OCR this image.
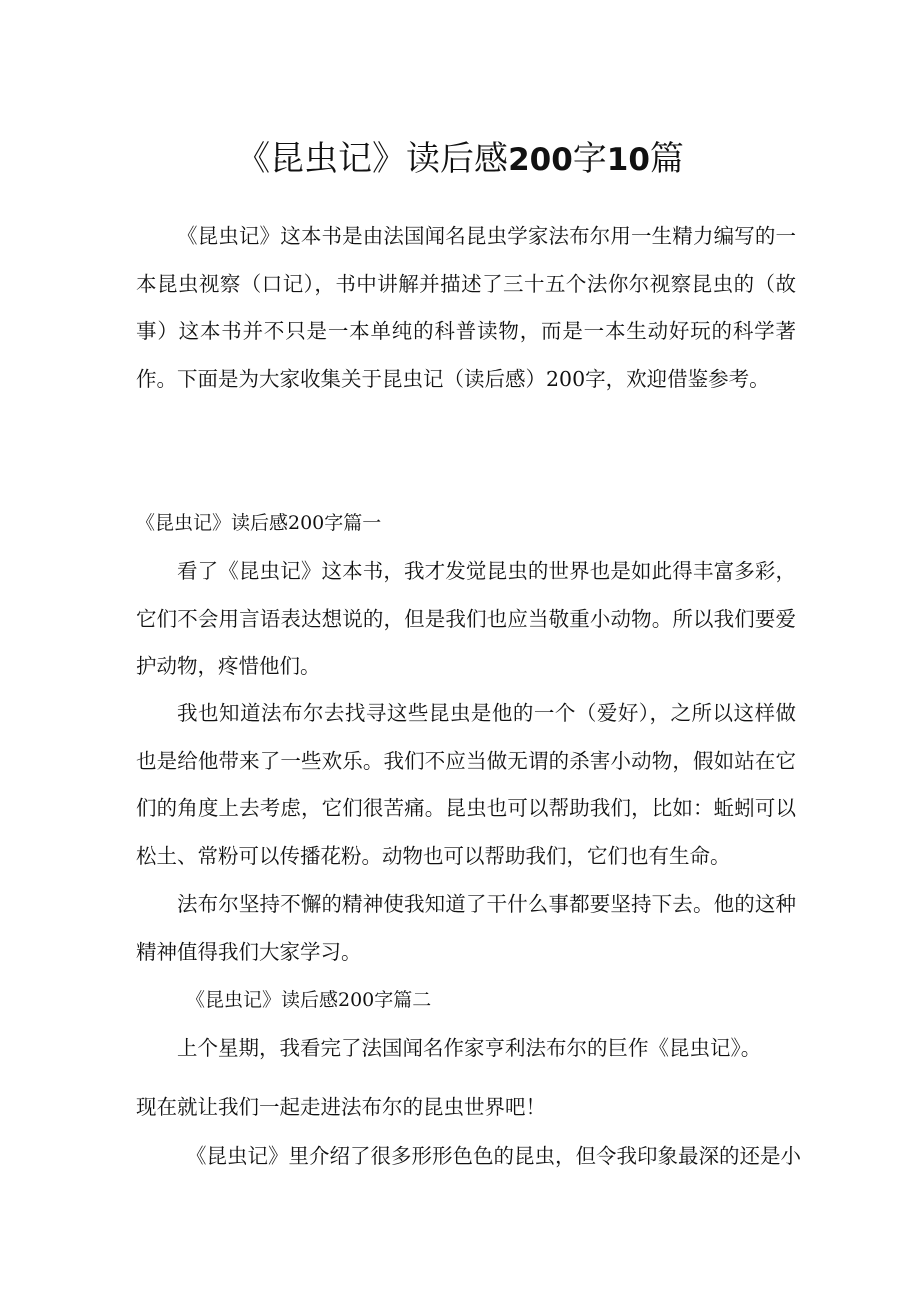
《昆虫记》读后感200字10篇

《昆虫记》这本书是由法国闻名昆虫学家法布尔用一生精力编写的一本昆虫视察（口记），书中讲解并描述了三十五个法你尔视察昆虫的（故事）这本书并不只是一本单纯的科普读物，而是一本生动好玩的科学著作。下面是为大家收集关于昆虫记（读后感）200字，欢迎借鉴参考。

《昆虫记》读后感200字篇一

看了《昆虫记》这本书，我才发觉昆虫的世界也是如此得丰富多彩，它们不会用言语表达想说的，但是我们也应当敬重小动物。所以我们要爱护动物，疼惜他们。

我也知道法布尔去找寻这些昆虫是他的一个（爱好），之所以这样做也是给他带来了一些欢乐。我们不应当做无谓的杀害小动物，假如站在它们的角度上去考虑，它们很苦痛。昆虫也可以帮助我们，比如：蚯蚓可以松土、常粉可以传播花粉。动物也可以帮助我们，它们也有生命。

法布尔坚持不懈的精神使我知道了干什么事都要坚持下去。他的这种精神值得我们大家学习。

《昆虫记》读后感200字篇二

上个星期，我看完了法国闻名作家亨利法布尔的巨作《昆虫记》。

现在就让我们一起走进法布尔的昆虫世界吧！

《昆虫记》里介绍了很多形形色色的昆虫，但令我印象最深的还是小
